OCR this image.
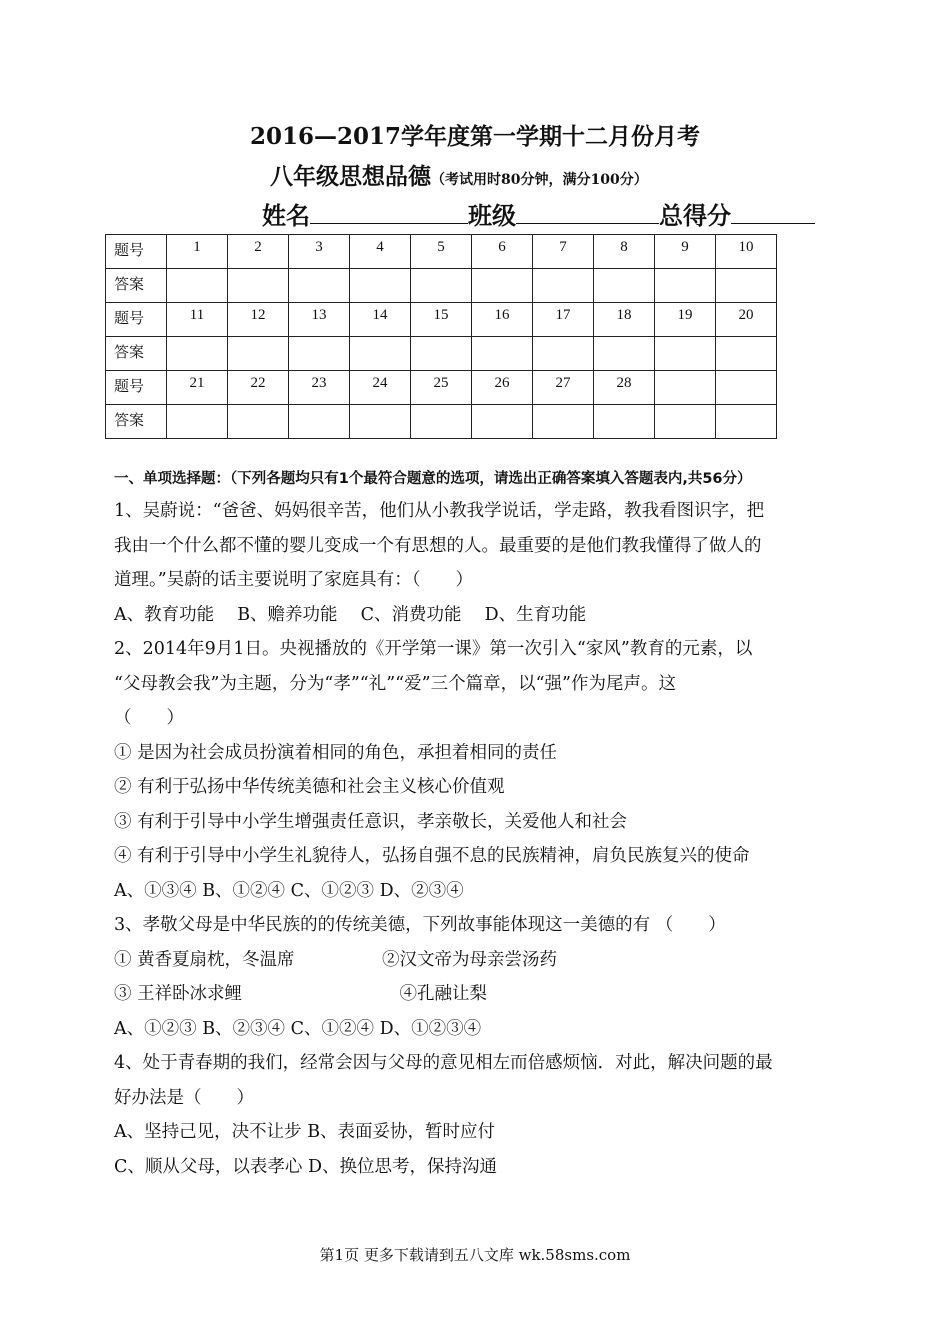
2016—2017学年度第一学期十二月份月考
八年级思想品德（考试用时80分钟，满分100分）
姓名	班级	总得分
题号	1	2	3	4	5	6	7	8	9	10
答案										
题号	11	12	13	14	15	16	17	18	19	20
答案										
题号	21	22	23	24	25	26	27	28		
答案										

一、单项选择题：（下列各题均只有1个最符合题意的选项，请选出正确答案填入答题表内,共56分）

1、吴蔚说：“爸爸、妈妈很辛苦，他们从小教我学说话，学走路，教我看图识字，把

我由一个什么都不懂的婴儿变成一个有思想的人。最重要的是他们教我懂得了做人的

道理。”吴蔚的话主要说明了家庭具有：（　　）

A、教育功能　 B、赡养功能　 C、消费功能　 D、生育功能

2、2014年9月1日。央视播放的《开学第一课》第一次引入“家风”教育的元素，以

“父母教会我”为主题，分为“孝”“礼”“爱”三个篇章，以“强”作为尾声。这

（　　）

① 是因为社会成员扮演着相同的角色，承担着相同的责任

② 有利于弘扬中华传统美德和社会主义核心价值观

③ 有利于引导中小学生增强责任意识，孝亲敬长，关爱他人和社会

④ 有利于引导中小学生礼貌待人，弘扬自强不息的民族精神，肩负民族复兴的使命

A、①③④ B、①②④ C、①②③ D、②③④

3、孝敬父母是中华民族的的传统美德，下列故事能体现这一美德的有 （　　）

① 黄香夏扇枕，冬温席　　　　　②汉文帝为母亲尝汤药

③ 王祥卧冰求鲤　　　　　　　　　④孔融让梨

A、①②③ B、②③④ C、①②④ D、①②③④

4、处于青春期的我们，经常会因与父母的意见相左而倍感烦恼．对此，解决问题的最

好办法是（　　）

A、坚持己见，决不让步 B、表面妥协，暂时应付

C、顺从父母，以表孝心 D、换位思考，保持沟通

第1页 更多下载请到五八文库 wk.58sms.com
